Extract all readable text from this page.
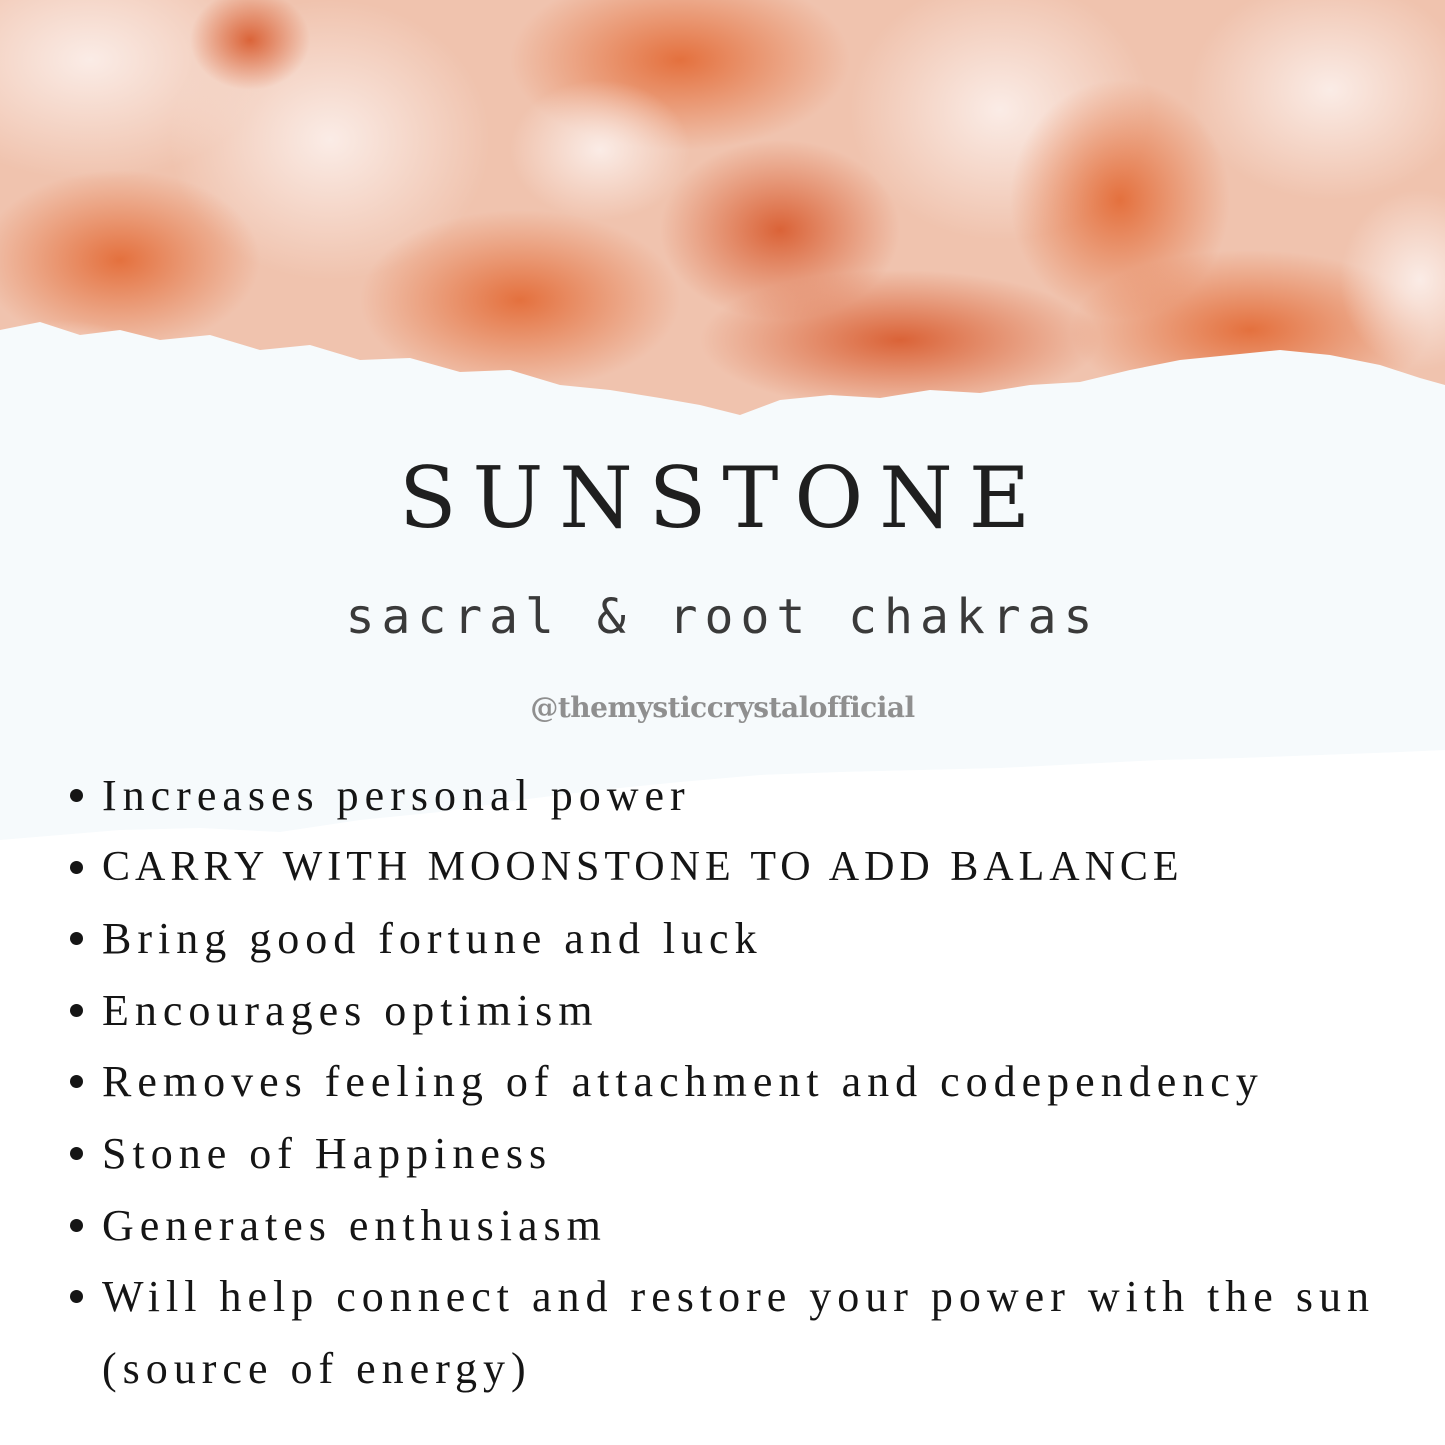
SUNSTONE
sacral & root chakras
@themysticcrystalofficial
Increases personal power
CARRY WITH MOONSTONE TO ADD BALANCE
Bring good fortune and luck
Encourages optimism
Removes feeling of attachment and codependency
Stone of Happiness
Generates enthusiasm
Will help connect and restore your power with the sun (source of energy)
